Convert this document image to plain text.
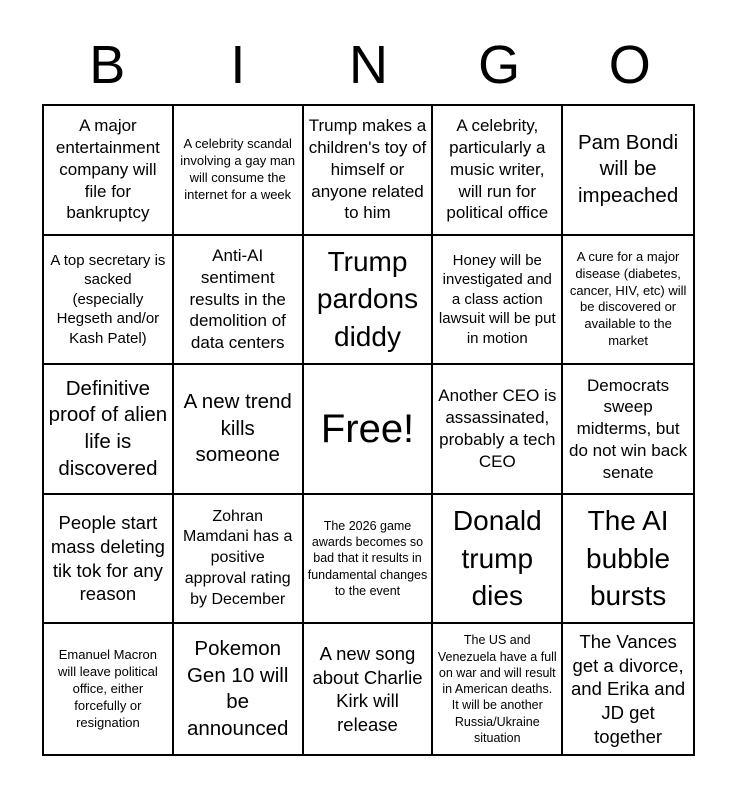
B	I	N	G	O
A major entertainment company will file for bankruptcy
A celebrity scandal involving a gay man will consume the internet for a week
Trump makes a children's toy of himself or anyone related to him
A celebrity, particularly a music writer, will run for political office
Pam Bondi will be impeached
A top secretary is sacked (especially Hegseth and/or Kash Patel)
Anti-AI sentiment results in the demolition of data centers
Trump pardons diddy
Honey will be investigated and a class action lawsuit will be put in motion
A cure for a major disease (diabetes, cancer, HIV, etc) will be discovered or available to the market
Definitive proof of alien life is discovered
A new trend kills someone
Free!
Another CEO is assassinated, probably a tech CEO
Democrats sweep midterms, but do not win back senate
People start mass deleting tik tok for any reason
Zohran Mamdani has a positive approval rating by December
The 2026 game awards becomes so bad that it results in fundamental changes to the event
Donald trump dies
The AI bubble bursts
Emanuel Macron will leave political office, either forcefully or resignation
Pokemon Gen 10 will be announced
A new song about Charlie Kirk will release
The US and Venezuela have a full on war and will result in American deaths. It will be another Russia/Ukraine situation
The Vances get a divorce, and Erika and JD get together
